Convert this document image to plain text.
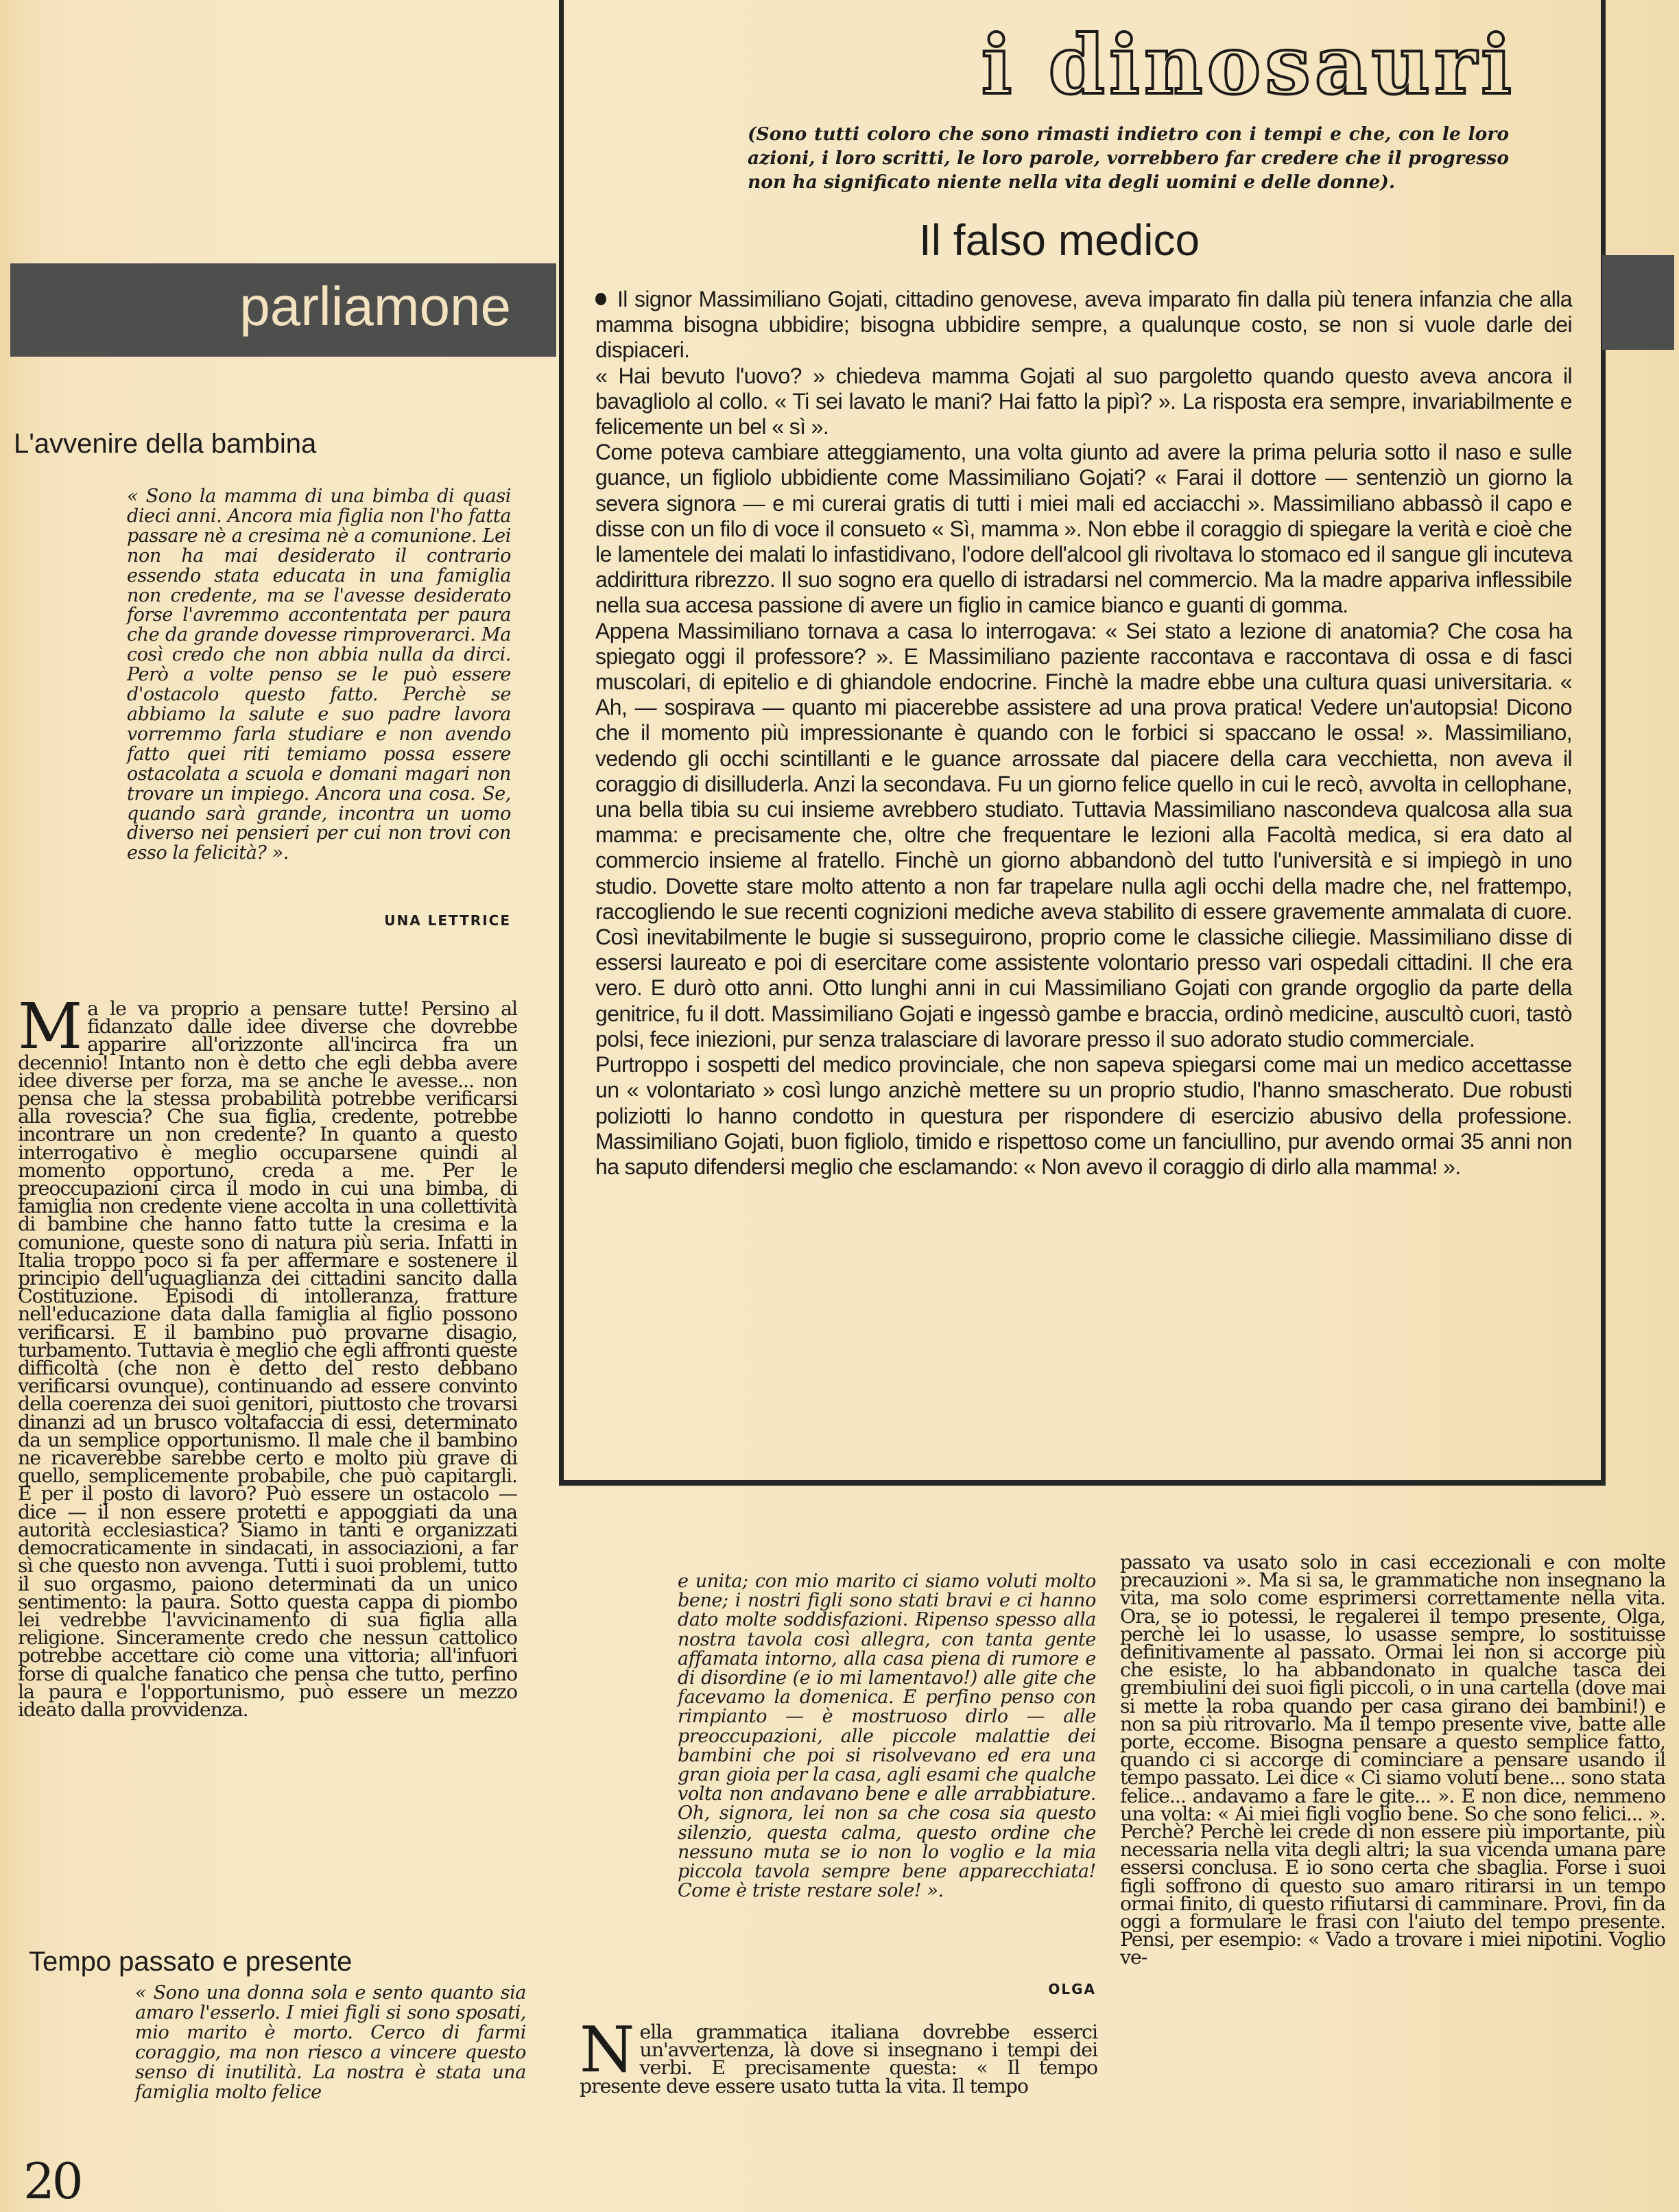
i dinosauri
(Sono tutti coloro che sono rimasti indietro con i tempi e che, con le loro azioni, i loro scritti, le loro parole, vorrebbero far credere che il progresso non ha significato niente nella vita degli uomini e delle donne).
Il falso medico

Il signor Massimiliano Gojati, cittadino genovese, aveva imparato fin dalla più tenera infanzia che alla mamma bisogna ubbidire; bisogna ubbidire sempre, a qualunque costo, se non si vuole darle dei dispiaceri.

« Hai bevuto l'uovo? » chiedeva mamma Gojati al suo pargoletto quando questo aveva ancora il bavagliolo al collo. « Ti sei lavato le mani? Hai fatto la pipì? ». La risposta era sempre, invariabilmente e felicemente un bel « sì ».

Come poteva cambiare atteggiamento, una volta giunto ad avere la prima peluria sotto il naso e sulle guance, un figliolo ubbidiente come Massimiliano Gojati? « Farai il dottore — sentenziò un giorno la severa signora — e mi curerai gratis di tutti i miei mali ed acciacchi ». Massimiliano abbassò il capo e disse con un filo di voce il consueto « Sì, mamma ». Non ebbe il coraggio di spiegare la verità e cioè che le lamentele dei malati lo infastidivano, l'odore dell'alcool gli rivoltava lo stomaco ed il sangue gli incuteva addirittura ribrezzo. Il suo sogno era quello di istradarsi nel commercio. Ma la madre appariva inflessibile nella sua accesa passione di avere un figlio in camice bianco e guanti di gomma.

Appena Massimiliano tornava a casa lo interrogava: « Sei stato a lezione di anatomia? Che cosa ha spiegato oggi il professore? ». E Massimiliano paziente raccontava e raccontava di ossa e di fasci muscolari, di epitelio e di ghiandole endocrine. Finchè la madre ebbe una cultura quasi universitaria. « Ah, — sospirava — quanto mi piacerebbe assistere ad una prova pratica! Vedere un'autopsia! Dicono che il momento più impressionante è quando con le forbici si spaccano le ossa! ». Massimiliano, vedendo gli occhi scintillanti e le guance arrossate dal piacere della cara vecchietta, non aveva il coraggio di disilluderla. Anzi la secondava. Fu un giorno felice quello in cui le recò, avvolta in cellophane, una bella tibia su cui insieme avrebbero studiato. Tuttavia Massimiliano nascondeva qualcosa alla sua mamma: e precisamente che, oltre che frequentare le lezioni alla Facoltà medica, si era dato al commercio insieme al fratello. Finchè un giorno abbandonò del tutto l'università e si impiegò in uno studio. Dovette stare molto attento a non far trapelare nulla agli occhi della madre che, nel frattempo, raccogliendo le sue recenti cognizioni mediche aveva stabilito di essere gravemente ammalata di cuore. Così inevitabilmente le bugie si susseguirono, proprio come le classiche ciliegie. Massimiliano disse di essersi laureato e poi di esercitare come assistente volontario presso vari ospedali cittadini. Il che era vero. E durò otto anni. Otto lunghi anni in cui Massimiliano Gojati con grande orgoglio da parte della genitrice, fu il dott. Massimiliano Gojati e ingessò gambe e braccia, ordinò medicine, auscultò cuori, tastò polsi, fece iniezioni, pur senza tralasciare di lavorare presso il suo adorato studio commerciale.

Purtroppo i sospetti del medico provinciale, che non sapeva spiegarsi come mai un medico accettasse un « volontariato » così lungo anzichè mettere su un proprio studio, l'hanno smascherato. Due robusti poliziotti lo hanno condotto in questura per rispondere di esercizio abusivo della professione. Massimiliano Gojati, buon figliolo, timido e rispettoso come un fanciullino, pur avendo ormai 35 anni non ha saputo difendersi meglio che esclamando: « Non avevo il coraggio di dirlo alla mamma! ».

parliamone
L'avvenire della bambina
« Sono la mamma di una bimba di quasi dieci anni. Ancora mia figlia non l'ho fatta passare nè a cresima nè a comunione. Lei non ha mai desiderato il contrario essendo stata educata in una famiglia non credente, ma se l'avesse desiderato forse l'avremmo accontentata per paura che da grande dovesse rimproverarci. Ma così credo che non abbia nulla da dirci. Però a volte penso se le può essere d'ostacolo questo fatto. Perchè se abbiamo la salute e suo padre lavora vorremmo farla studiare e non avendo fatto quei riti temiamo possa essere ostacolata a scuola e domani magari non trovare un impiego. Ancora una cosa. Se, quando sarà grande, incontra un uomo diverso nei pensieri per cui non trovi con esso la felicità? ».
UNA LETTRICE
Ma le va proprio a pensare tutte! Persino al fidanzato dalle idee diverse che dovrebbe apparire all'orizzonte all'incirca fra un decennio! Intanto non è detto che egli debba avere idee diverse per forza, ma se anche le avesse... non pensa che la stessa probabilità potrebbe verificarsi alla rovescia? Che sua figlia, credente, potrebbe incontrare un non credente? In quanto a questo interrogativo è meglio occuparsene quindi al momento opportuno, creda a me. Per le preoccupazioni circa il modo in cui una bimba, di famiglia non credente viene accolta in una collettività di bambine che hanno fatto tutte la cresima e la comunione, queste sono di natura più seria. Infatti in Italia troppo poco si fa per affermare e sostenere il principio dell'uguaglianza dei cittadini sancito dalla Costituzione. Episodi di intolleranza, fratture nell'educazione data dalla famiglia al figlio possono verificarsi. E il bambino può provarne disagio, turbamento. Tuttavia è meglio che egli affronti queste difficoltà (che non è detto del resto debbano verificarsi ovunque), continuando ad essere convinto della coerenza dei suoi genitori, piuttosto che trovarsi dinanzi ad un brusco voltafaccia di essi, determinato da un semplice opportunismo. Il male che il bambino ne ricaverebbe sarebbe certo e molto più grave di quello, semplicemente probabile, che può capitargli. E per il posto di lavoro? Può essere un ostacolo — dice — il non essere protetti e appoggiati da una autorità ecclesiastica? Siamo in tanti e organizzati democraticamente in sindacati, in associazioni, a far sì che questo non avvenga. Tutti i suoi problemi, tutto il suo orgasmo, paiono determinati da un unico sentimento: la paura. Sotto questa cappa di piombo lei vedrebbe l'avvicinamento di sua figlia alla religione. Sinceramente credo che nessun cattolico potrebbe accettare ciò come una vittoria; all'infuori forse di qualche fanatico che pensa che tutto, perfino la paura e l'opportunismo, può essere un mezzo ideato dalla provvidenza.
Tempo passato e presente
« Sono una donna sola e sento quanto sia amaro l'esserlo. I miei figli si sono sposati, mio marito è morto. Cerco di farmi coraggio, ma non riesco a vincere questo senso di inutilità. La nostra è stata una famiglia molto felice
e unita; con mio marito ci siamo voluti molto bene; i nostri figli sono stati bravi e ci hanno dato molte soddisfazioni. Ripenso spesso alla nostra tavola così allegra, con tanta gente affamata intorno, alla casa piena di rumore e di disordine (e io mi lamentavo!) alle gite che facevamo la domenica. E perfino penso con rimpianto — è mostruoso dirlo — alle preoccupazioni, alle piccole malattie dei bambini che poi si risolvevano ed era una gran gioia per la casa, agli esami che qualche volta non andavano bene e alle arrabbiature. Oh, signora, lei non sa che cosa sia questo silenzio, questa calma, questo ordine che nessuno muta se io non lo voglio e la mia piccola tavola sempre bene apparecchiata! Come è triste restare sole! ».
OLGA
Nella grammatica italiana dovrebbe esserci un'avvertenza, là dove si insegnano i tempi dei verbi. E precisamente questa: « Il tempo presente deve essere usato tutta la vita. Il tempo
passato va usato solo in casi eccezionali e con molte precauzioni ». Ma si sa, le grammatiche non insegnano la vita, ma solo come esprimersi correttamente nella vita. Ora, se io potessi, le regalerei il tempo presente, Olga, perchè lei lo usasse, lo usasse sempre, lo sostituisse definitivamente al passato. Ormai lei non si accorge più che esiste, lo ha abbandonato in qualche tasca dei grembiulini dei suoi figli piccoli, o in una cartella (dove mai si mette la roba quando per casa girano dei bambini!) e non sa più ritrovarlo. Ma il tempo presente vive, batte alle porte, eccome. Bisogna pensare a questo semplice fatto, quando ci si accorge di cominciare a pensare usando il tempo passato. Lei dice « Ci siamo voluti bene... sono stata felice... andavamo a fare le gite... ». E non dice, nemmeno una volta: « Ai miei figli voglio bene. So che sono felici... ». Perchè? Perchè lei crede di non essere più importante, più necessaria nella vita degli altri; la sua vicenda umana pare essersi conclusa. E io sono certa che sbaglia. Forse i suoi figli soffrono di questo suo amaro ritirarsi in un tempo ormai finito, di questo rifiutarsi di camminare. Provi, fin da oggi a formulare le frasi con l'aiuto del tempo presente. Pensi, per esempio: « Vado a trovare i miei nipotini. Voglio ve-
20
